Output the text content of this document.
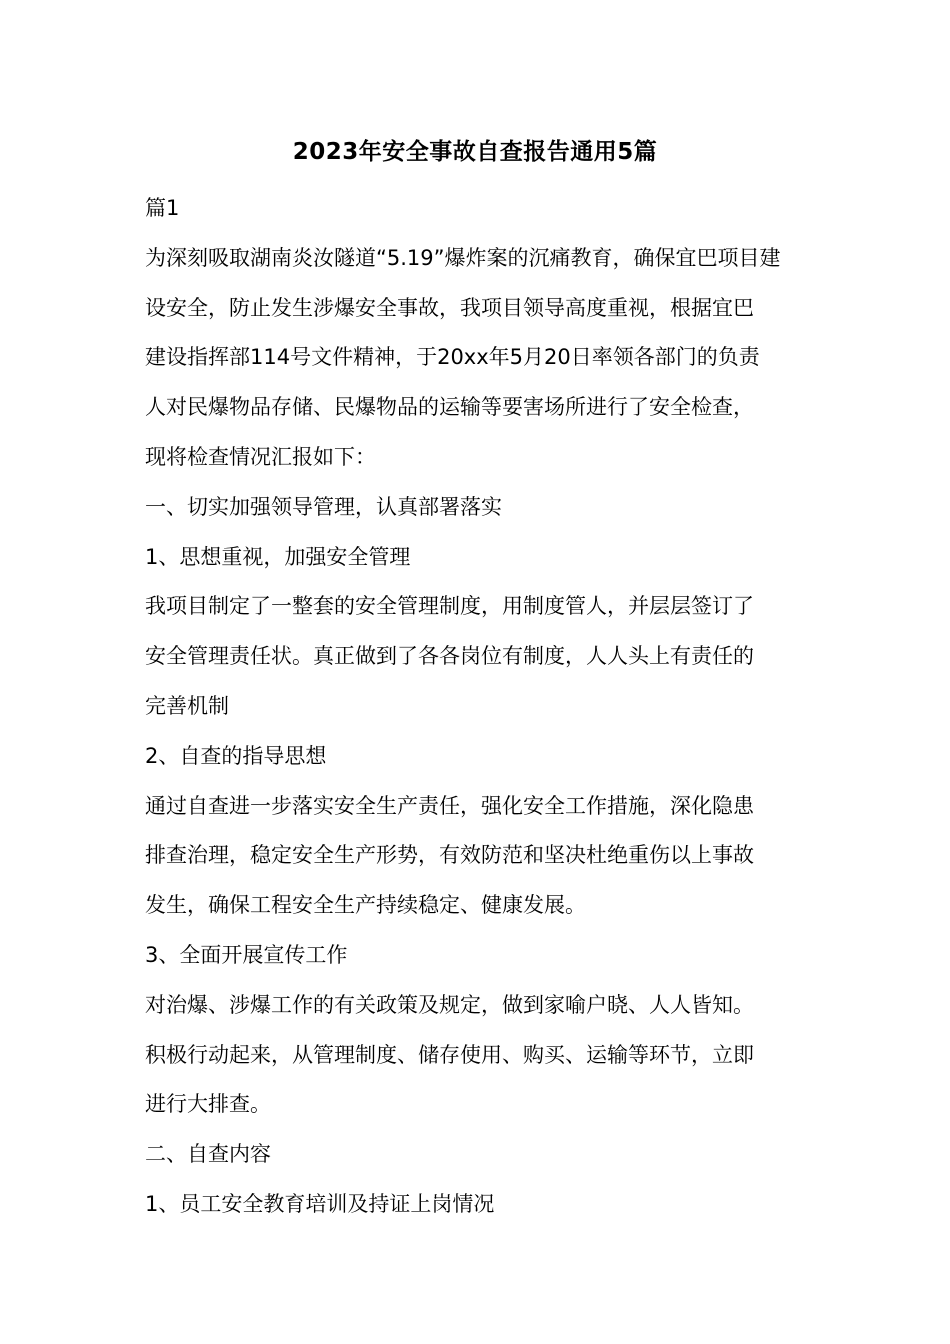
2023年安全事故自查报告通用5篇

篇1

为深刻吸取湖南炎汝隧道“5.19”爆炸案的沉痛教育，确保宜巴项目建

设安全，防止发生涉爆安全事故，我项目领导高度重视，根据宜巴

建设指挥部114号文件精神，于20xx年5月20日率领各部门的负责

人对民爆物品存储、民爆物品的运输等要害场所进行了安全检查，

现将检查情况汇报如下：

一、切实加强领导管理，认真部署落实

1、思想重视，加强安全管理

我项目制定了一整套的安全管理制度，用制度管人，并层层签订了

安全管理责任状。真正做到了各各岗位有制度，人人头上有责任的

完善机制

2、自查的指导思想

通过自查进一步落实安全生产责任，强化安全工作措施，深化隐患

排查治理，稳定安全生产形势，有效防范和坚决杜绝重伤以上事故

发生，确保工程安全生产持续稳定、健康发展。

3、全面开展宣传工作

对治爆、涉爆工作的有关政策及规定，做到家喻户晓、人人皆知。

积极行动起来，从管理制度、储存使用、购买、运输等环节，立即

进行大排查。

二、自查内容

1、员工安全教育培训及持证上岗情况
